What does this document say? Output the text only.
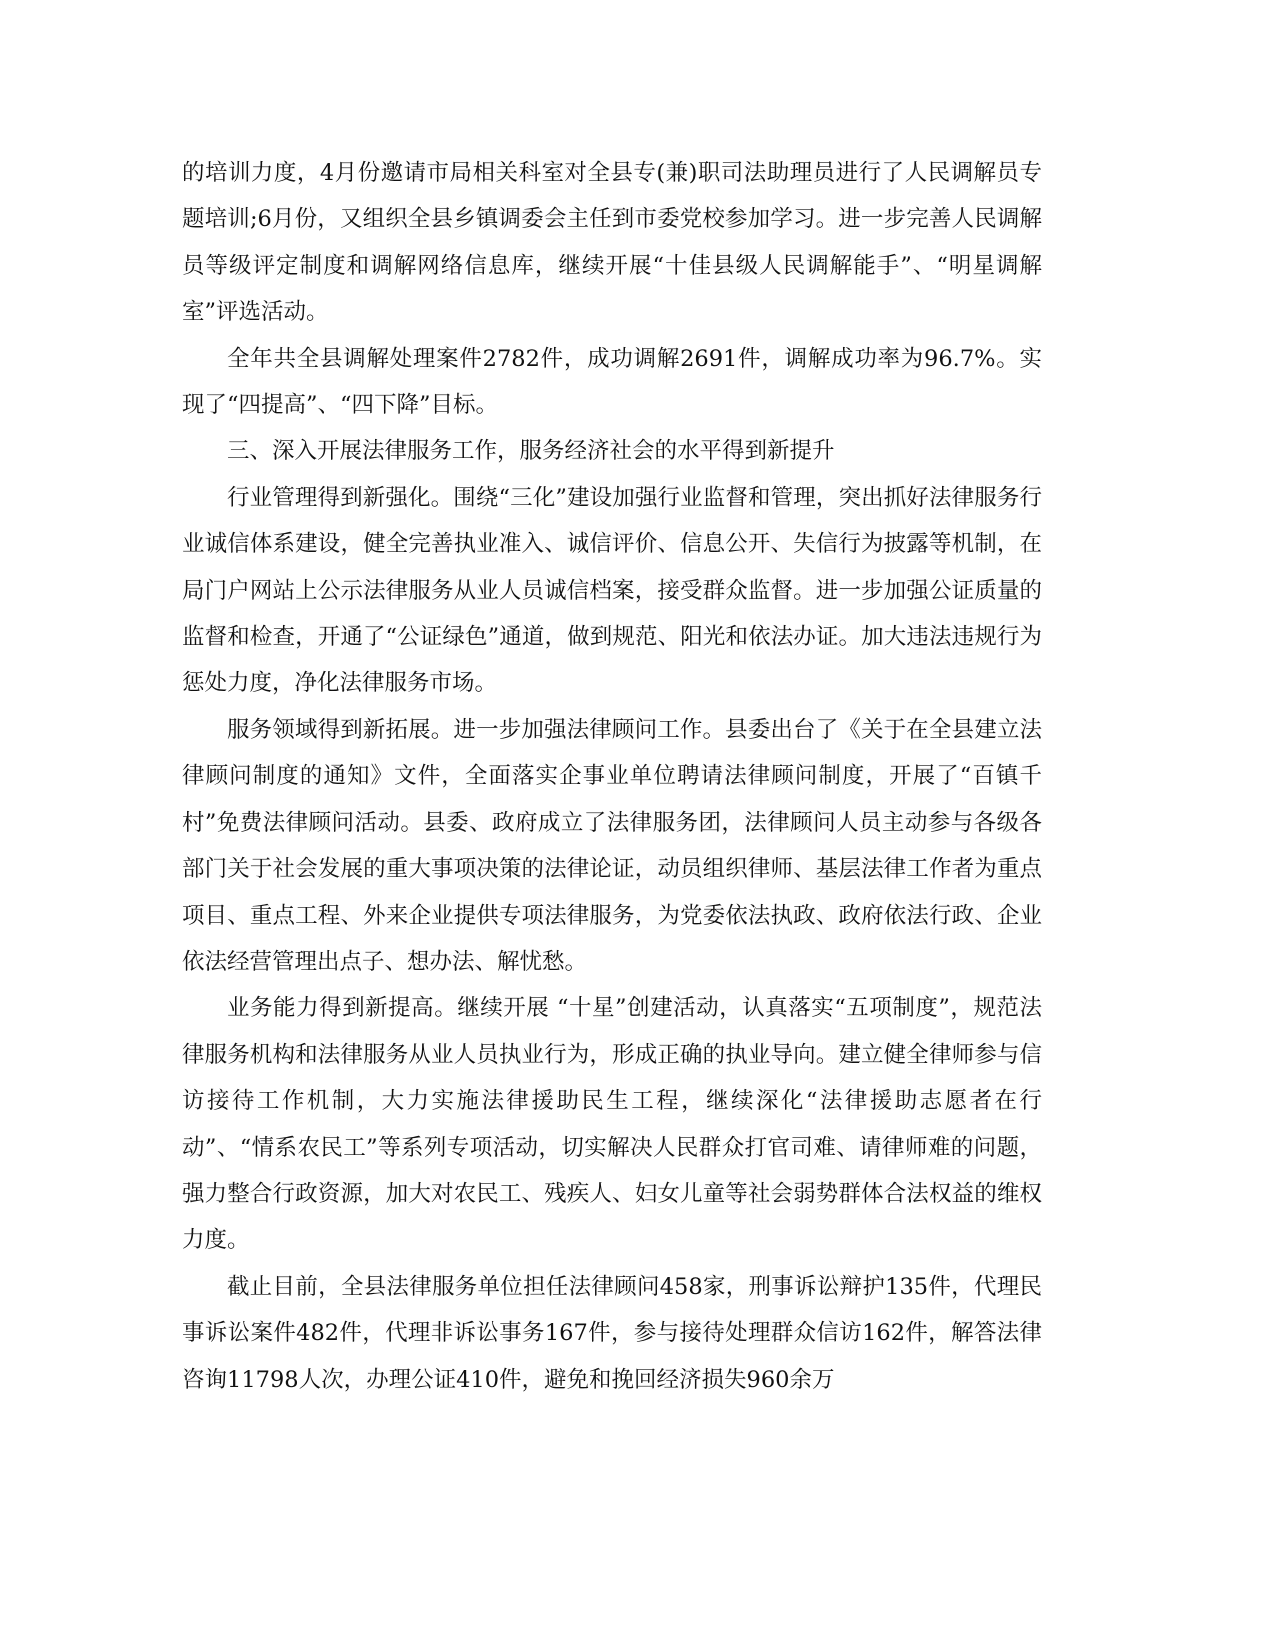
的培训力度，4月份邀请市局相关科室对全县专(兼)职司法助理员进行了人民调解员专题培训;6月份，又组织全县乡镇调委会主任到市委党校参加学习。进一步完善人民调解员等级评定制度和调解网络信息库，继续开展“十佳县级人民调解能手”、“明星调解室”评选活动。

全年共全县调解处理案件2782件，成功调解2691件，调解成功率为96.7%。实现了“四提高”、“四下降”目标。

三、深入开展法律服务工作，服务经济社会的水平得到新提升

行业管理得到新强化。围绕“三化”建设加强行业监督和管理，突出抓好法律服务行业诚信体系建设，健全完善执业准入、诚信评价、信息公开、失信行为披露等机制，在局门户网站上公示法律服务从业人员诚信档案，接受群众监督。进一步加强公证质量的监督和检查，开通了“公证绿色”通道，做到规范、阳光和依法办证。加大违法违规行为惩处力度，净化法律服务市场。

服务领域得到新拓展。进一步加强法律顾问工作。县委出台了《关于在全县建立法律顾问制度的通知》文件，全面落实企事业单位聘请法律顾问制度，开展了“百镇千村”免费法律顾问活动。县委、政府成立了法律服务团，法律顾问人员主动参与各级各部门关于社会发展的重大事项决策的法律论证，动员组织律师、基层法律工作者为重点项目、重点工程、外来企业提供专项法律服务，为党委依法执政、政府依法行政、企业依法经营管理出点子、想办法、解忧愁。

业务能力得到新提高。继续开展 “十星”创建活动，认真落实“五项制度”，规范法律服务机构和法律服务从业人员执业行为，形成正确的执业导向。建立健全律师参与信访接待工作机制，大力实施法律援助民生工程，继续深化“法律援助志愿者在行动”、“情系农民工”等系列专项活动，切实解决人民群众打官司难、请律师难的问题，强力整合行政资源，加大对农民工、残疾人、妇女儿童等社会弱势群体合法权益的维权力度。

截止目前，全县法律服务单位担任法律顾问458家，刑事诉讼辩护135件，代理民事诉讼案件482件，代理非诉讼事务167件，参与接待处理群众信访162件，解答法律咨询11798人次，办理公证410件，避免和挽回经济损失960余万
